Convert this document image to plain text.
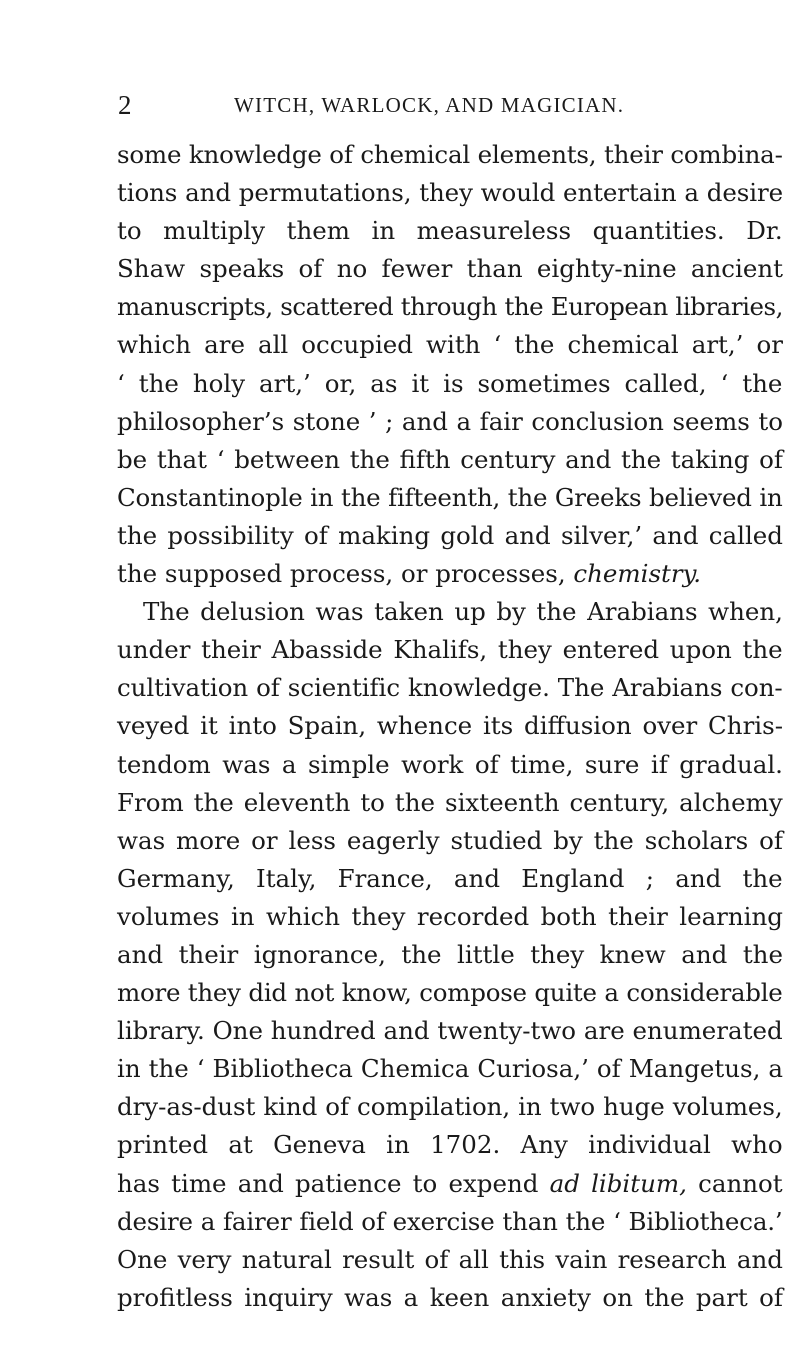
2	WITCH, WARLOCK, AND MAGICIAN.
some knowledge of chemical elements, their combina-
tions and permutations, they would entertain a desire
to multiply them in measureless quantities. Dr.
Shaw speaks of no fewer than eighty-nine ancient
manuscripts, scattered through the European libraries,
which are all occupied with ‘ the chemical art,’ or
‘ the holy art,’ or, as it is sometimes called, ‘ the
philosopher’s stone ’ ; and a fair conclusion seems to
be that ‘ between the fifth century and the taking of
Constantinople in the fifteenth, the Greeks believed in
the possibility of making gold and silver,’ and called
the supposed process, or processes, chemistry.
The delusion was taken up by the Arabians when,
under their Abasside Khalifs, they entered upon the
cultivation of scientific knowledge. The Arabians con-
veyed it into Spain, whence its diffusion over Chris-
tendom was a simple work of time, sure if gradual.
From the eleventh to the sixteenth century, alchemy
was more or less eagerly studied by the scholars of
Germany, Italy, France, and England ; and the
volumes in which they recorded both their learning
and their ignorance, the little they knew and the
more they did not know, compose quite a considerable
library. One hundred and twenty-two are enumerated
in the ‘ Bibliotheca Chemica Curiosa,’ of Mangetus, a
dry-as-dust kind of compilation, in two huge volumes,
printed at Geneva in 1702. Any individual who
has time and patience to expend ad libitum, cannot
desire a fairer field of exercise than the ‘ Bibliotheca.’
One very natural result of all this vain research and
profitless inquiry was a keen anxiety on the part of
